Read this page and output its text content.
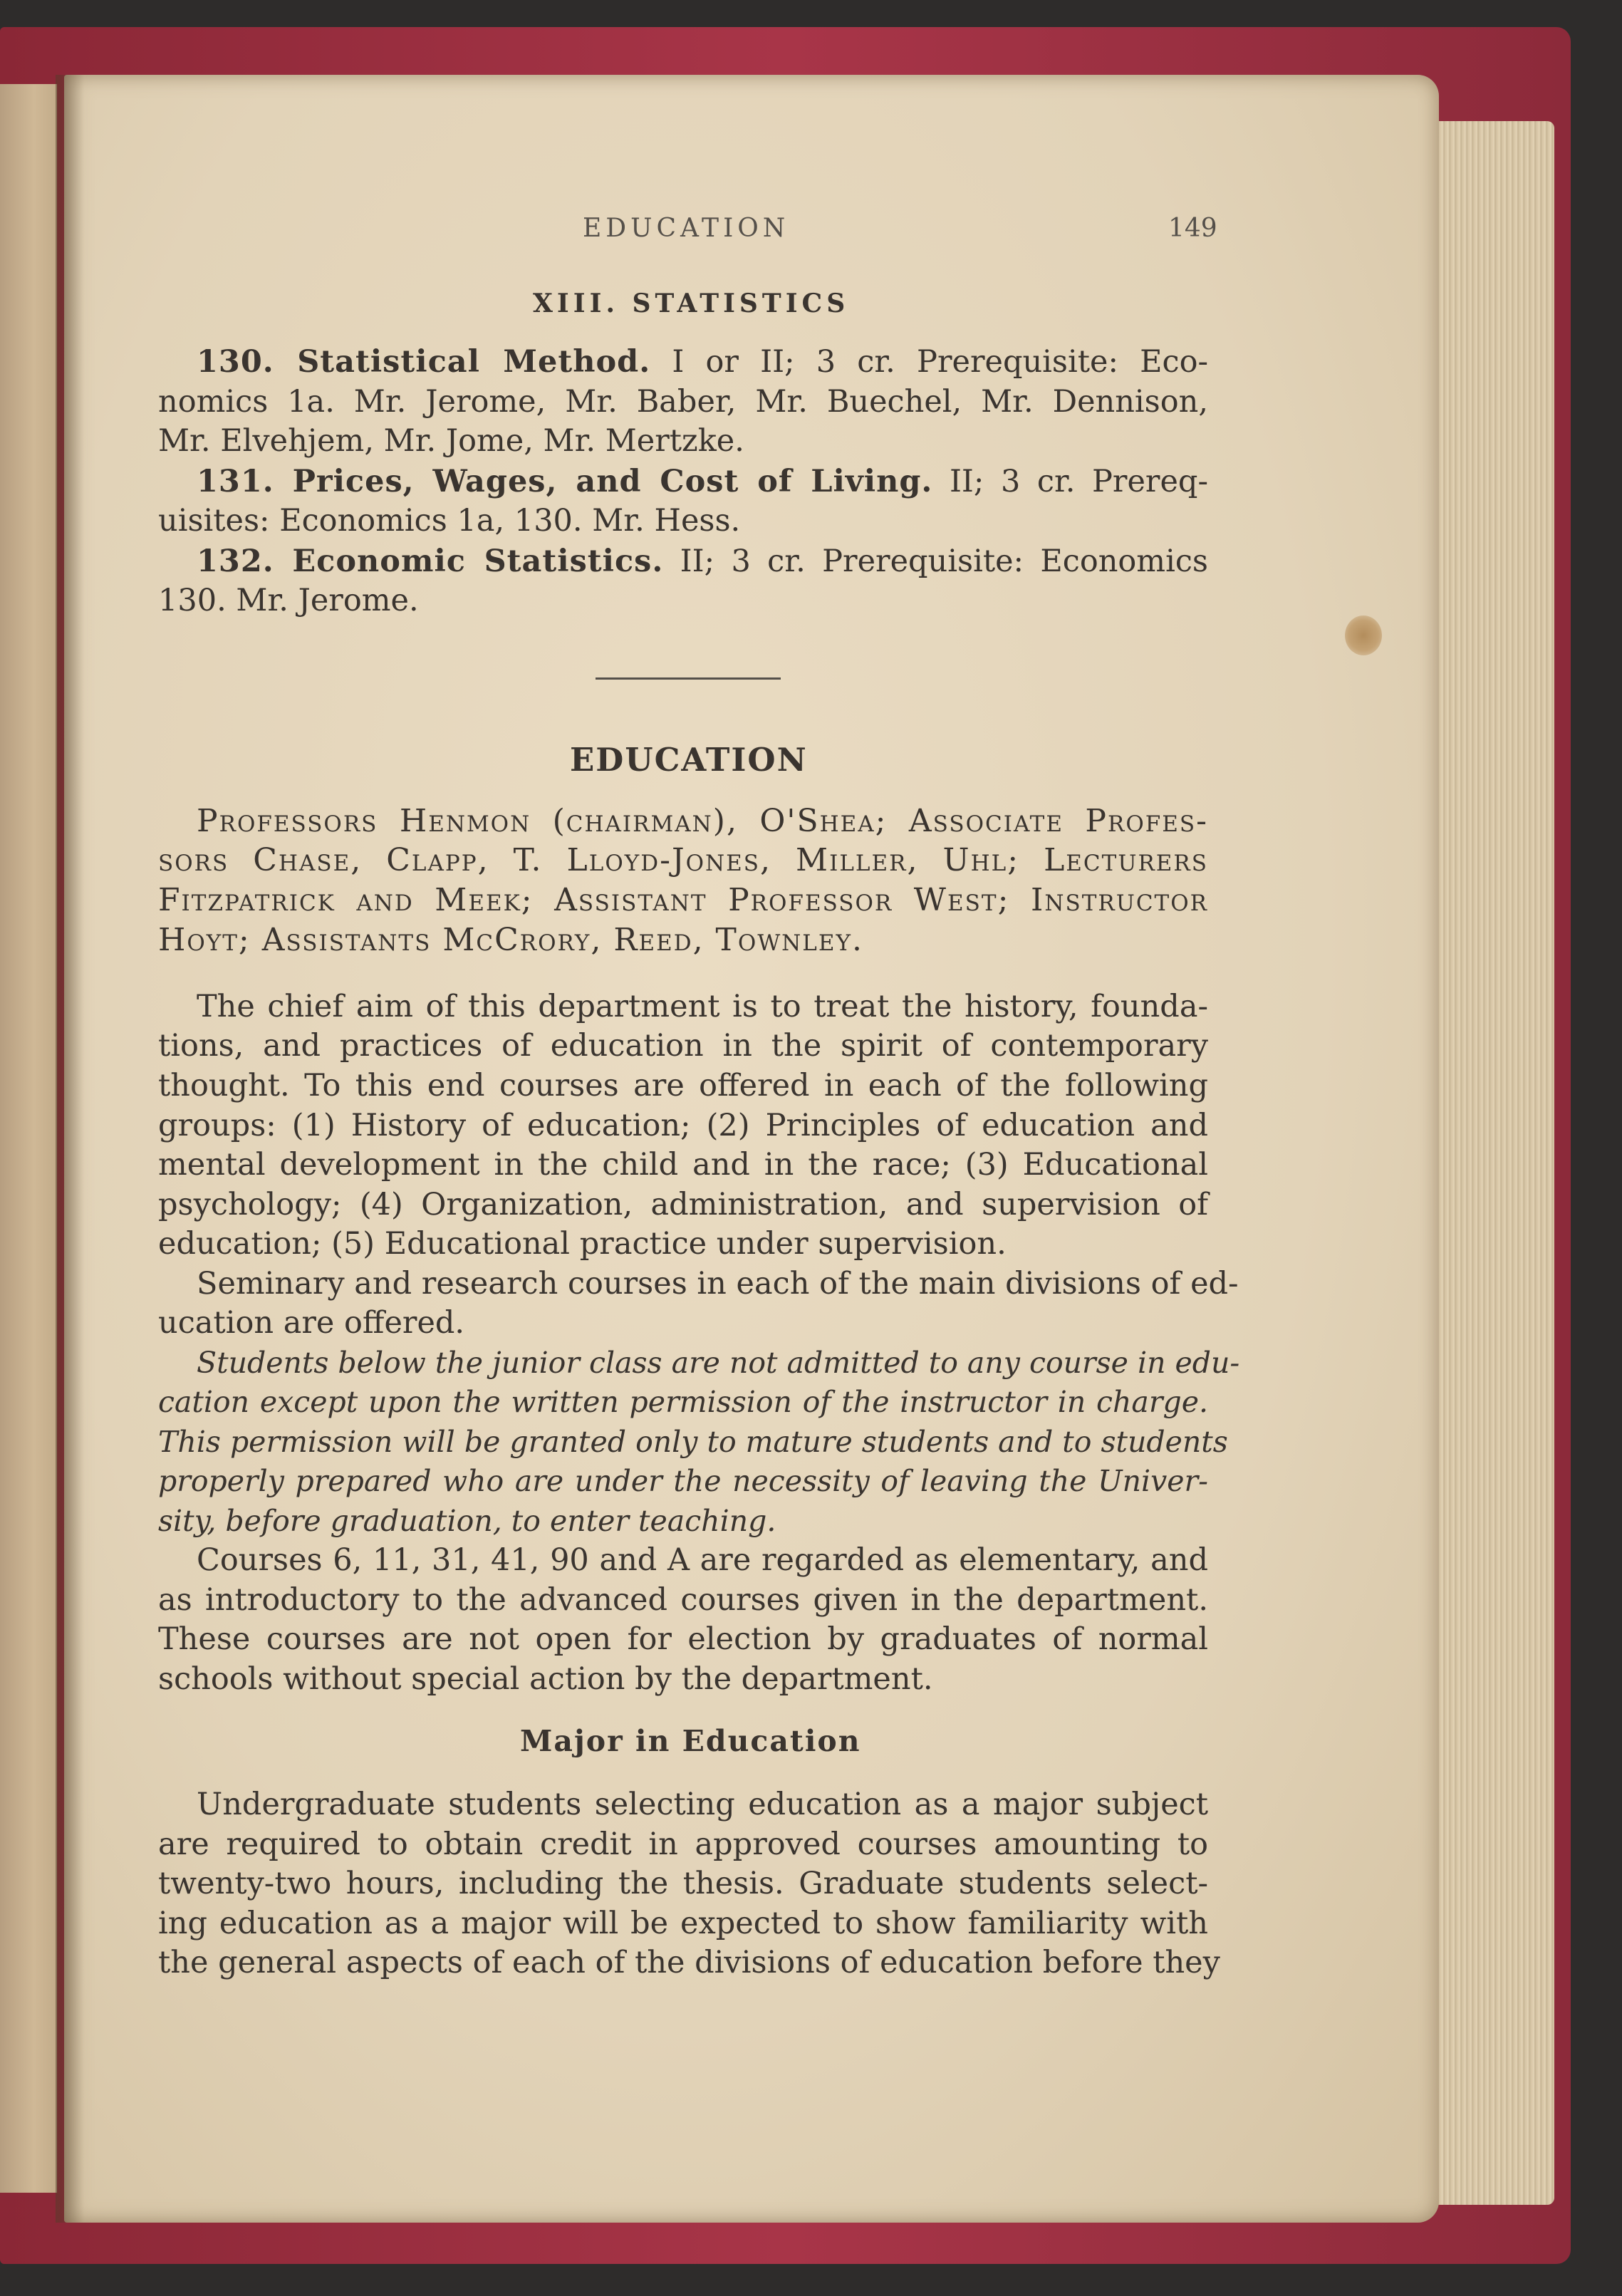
EDUCATION	149
XIII. STATISTICS
130. Statistical Method. I or II; 3 cr. Prerequisite: Eco-
nomics 1a. Mr. Jerome, Mr. Baber, Mr. Buechel, Mr. Dennison,
Mr. Elvehjem, Mr. Jome, Mr. Mertzke.
131. Prices, Wages, and Cost of Living. II; 3 cr. Prereq-
uisites: Economics 1a, 130. Mr. Hess.
132. Economic Statistics. II; 3 cr. Prerequisite: Economics
130. Mr. Jerome.
EDUCATION
Professors Henmon (chairman), O'Shea; Associate Profes-
sors Chase, Clapp, T. Lloyd-Jones, Miller, Uhl; Lecturers
Fitzpatrick and Meek; Assistant Professor West; Instructor
Hoyt; Assistants McCrory, Reed, Townley.
The chief aim of this department is to treat the history, founda-
tions, and practices of education in the spirit of contemporary
thought. To this end courses are offered in each of the following
groups: (1) History of education; (2) Principles of education and
mental development in the child and in the race; (3) Educational
psychology; (4) Organization, administration, and supervision of
education; (5) Educational practice under supervision.
Seminary and research courses in each of the main divisions of ed-
ucation are offered.
Students below the junior class are not admitted to any course in edu-
cation except upon the written permission of the instructor in charge.
This permission will be granted only to mature students and to students
properly prepared who are under the necessity of leaving the Univer-
sity, before graduation, to enter teaching.
Courses 6, 11, 31, 41, 90 and A are regarded as elementary, and
as introductory to the advanced courses given in the department.
These courses are not open for election by graduates of normal
schools without special action by the department.
Major in Education
Undergraduate students selecting education as a major subject
are required to obtain credit in approved courses amounting to
twenty-two hours, including the thesis. Graduate students select-
ing education as a major will be expected to show familiarity with
the general aspects of each of the divisions of education before they
